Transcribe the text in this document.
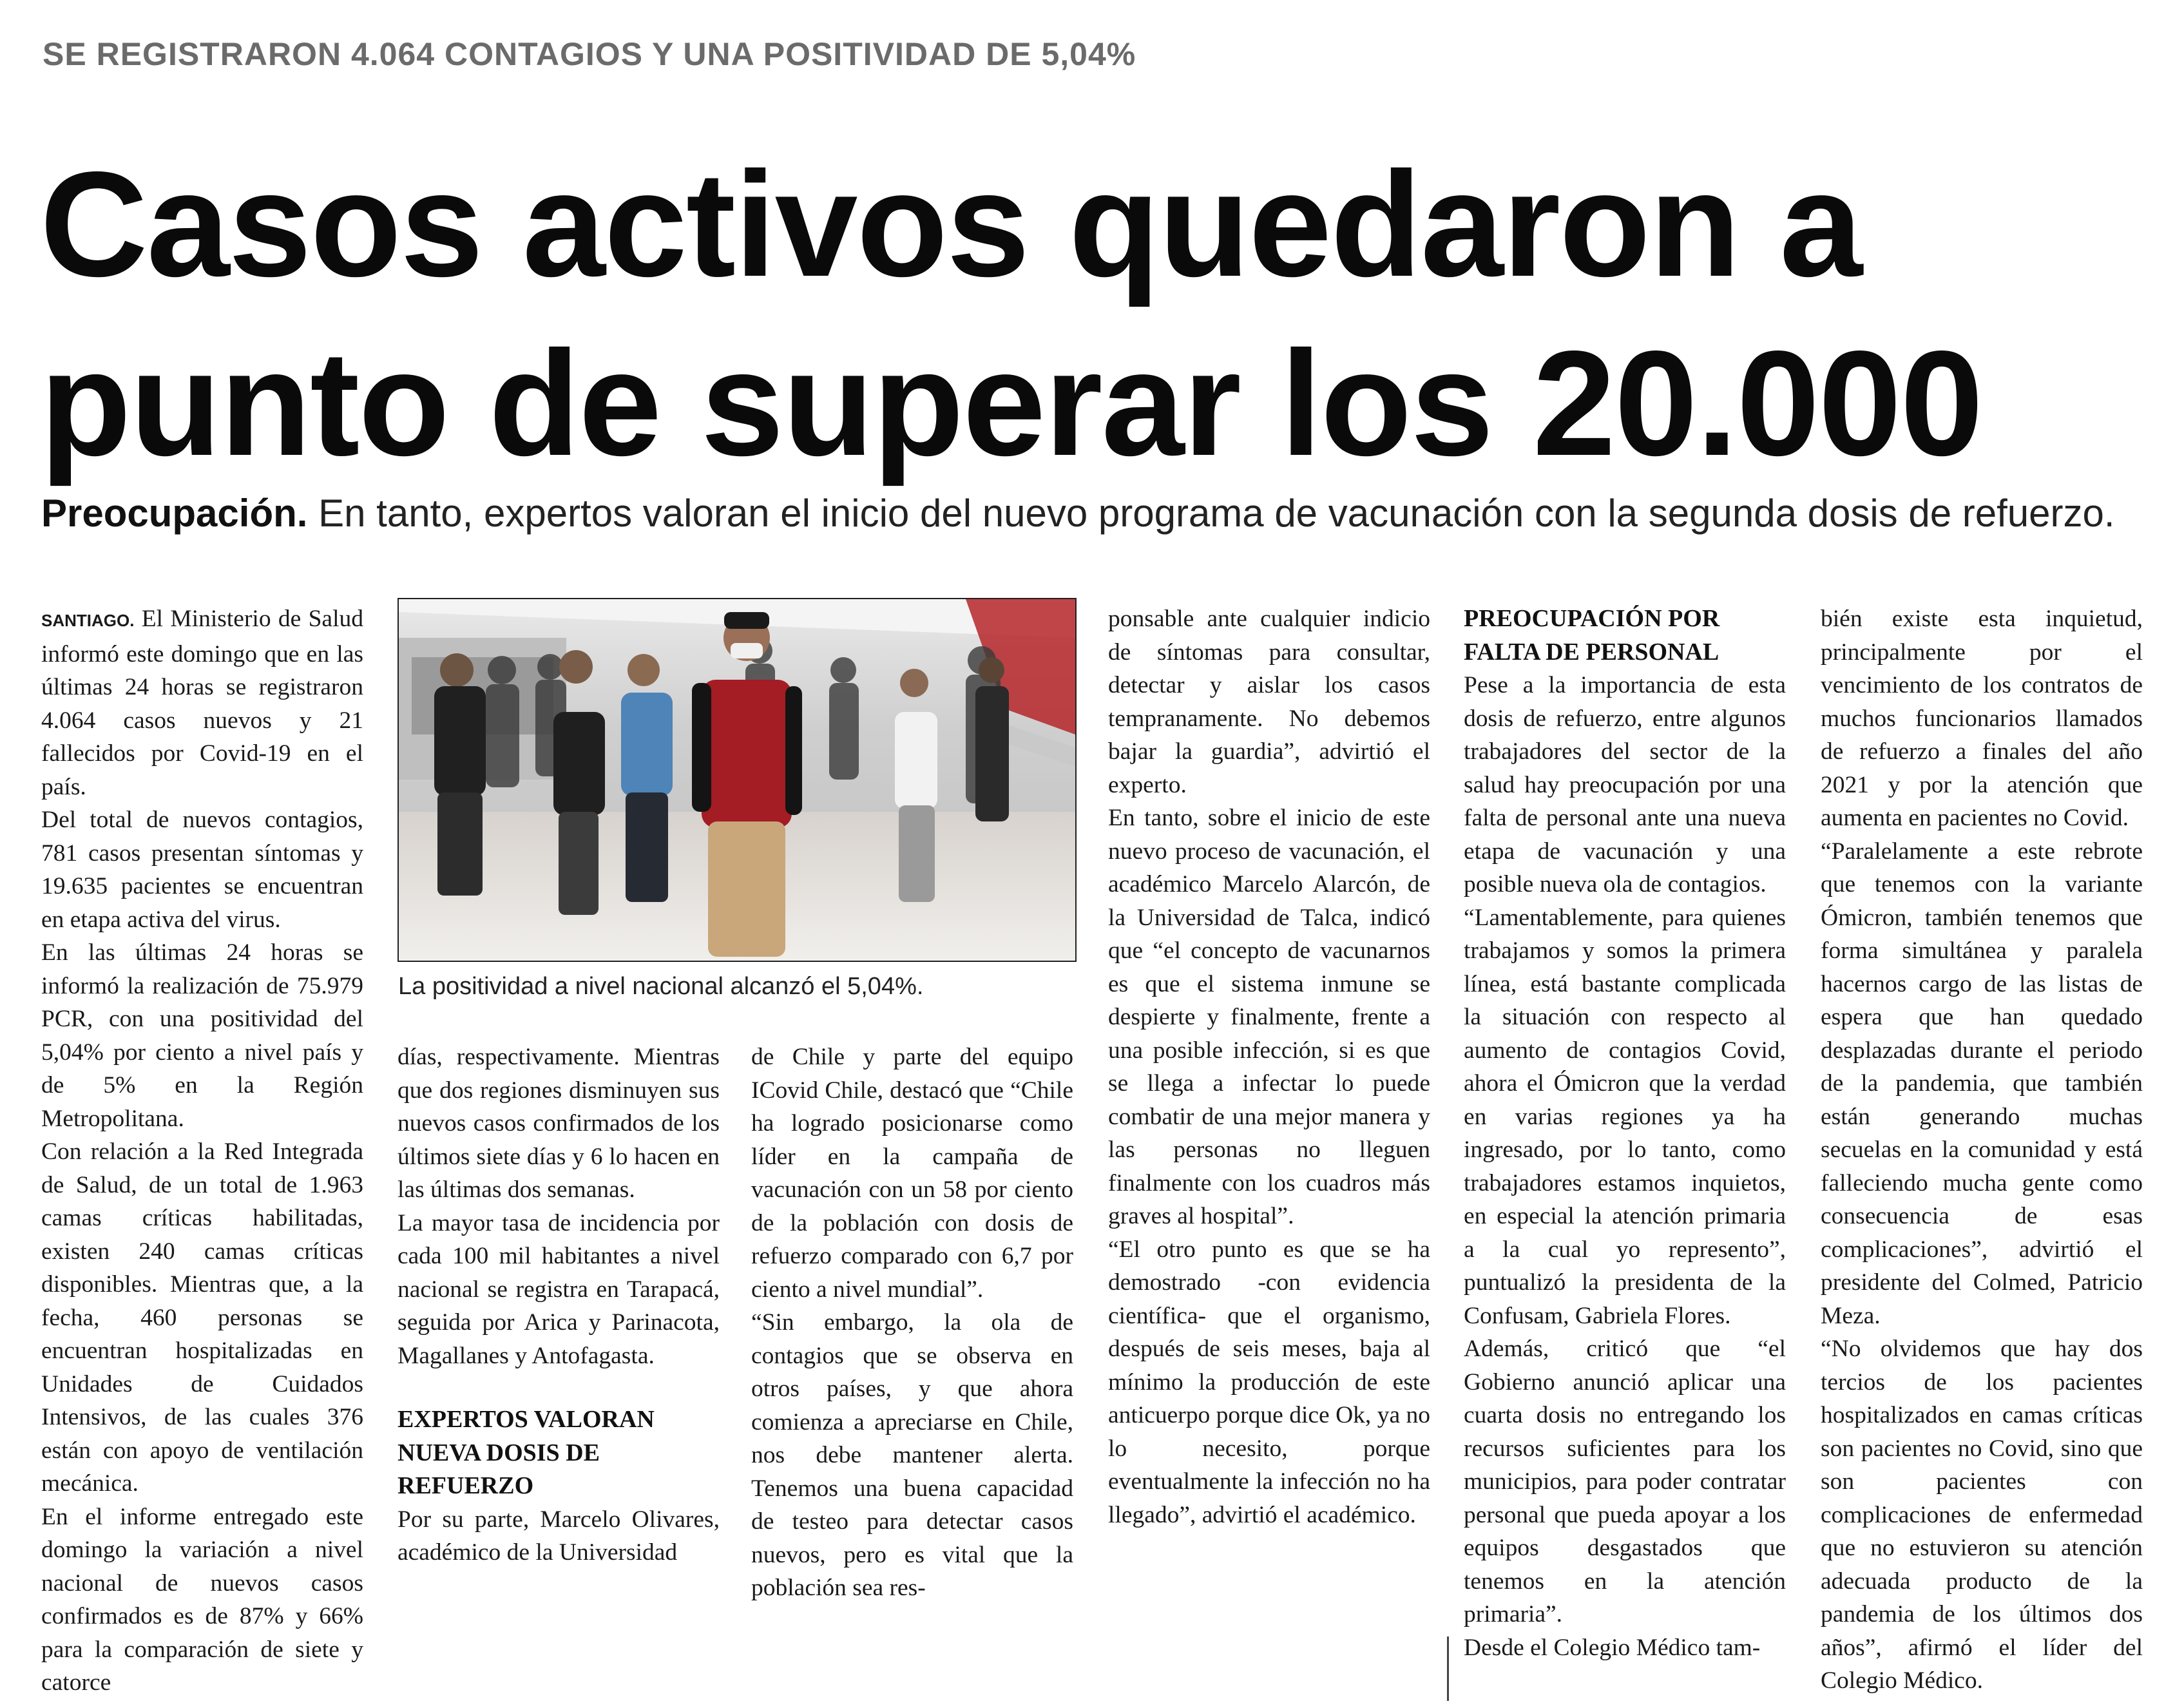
SE REGISTRARON 4.064 CONTAGIOS Y UNA POSITIVIDAD DE 5,04%
Casos activos quedaron a
punto de superar los 20.000
Preocupación. En tanto, expertos valoran el inicio del nuevo programa de vacunación con la segunda dosis de refuerzo.

SANTIAGO. El Ministerio de Salud informó este domingo que en las últimas 24 horas se registraron 4.064 casos nuevos y 21 fallecidos por Covid-19 en el país.

Del total de nuevos contagios, 781 casos presentan síntomas y 19.635 pacientes se encuentran en etapa activa del virus.

En las últimas 24 horas se informó la realización de 75.979 PCR, con una positividad del 5,04% por ciento a nivel país y de 5% en la Región Metropolitana.

Con relación a la Red Integrada de Salud, de un total de 1.963 camas críticas habilitadas, existen 240 camas críticas disponibles. Mientras que, a la fecha, 460 personas se encuentran hospitalizadas en Unidades de Cuidados Intensivos, de las cuales 376 están con apoyo de ventilación mecánica.

En el informe entregado este domingo la variación a nivel nacional de nuevos casos confirmados es de 87% y 66% para la comparación de siete y catorce

La positividad a nivel nacional alcanzó el 5,04%.

días, respectivamente. Mientras que dos regiones disminuyen sus nuevos casos confirmados de los últimos siete días y 6 lo hacen en las últimas dos semanas.

La mayor tasa de incidencia por cada 100 mil habitantes a nivel nacional se registra en Tarapacá, seguida por Arica y Parinacota, Magallanes y Antofagasta.

EXPERTOS VALORAN NUEVA DOSIS DE REFUERZO

Por su parte, Marcelo Olivares, académico de la Universidad

de Chile y parte del equipo ICovid Chile, destacó que “Chile ha logrado posicionarse como líder en la campaña de vacunación con un 58 por ciento de la población con dosis de refuerzo comparado con 6,7 por ciento a nivel mundial”.

“Sin embargo, la ola de contagios que se observa en otros países, y que ahora comienza a apreciarse en Chile, nos debe mantener alerta. Tenemos una buena capacidad de testeo para detectar casos nuevos, pero es vital que la población sea res-

ponsable ante cualquier indicio de síntomas para consultar, detectar y aislar los casos tempranamente. No debemos bajar la guardia”, advirtió el experto.

En tanto, sobre el inicio de este nuevo proceso de vacunación, el académico Marcelo Alarcón, de la Universidad de Talca, indicó que “el concepto de vacunarnos es que el sistema inmune se despierte y finalmente, frente a una posible infección, si es que se llega a infectar lo puede combatir de una mejor manera y las personas no lleguen finalmente con los cuadros más graves al hospital”.

“El otro punto es que se ha demostrado -con evidencia científica- que el organismo, después de seis meses, baja al mínimo la producción de este anticuerpo porque dice Ok, ya no lo necesito, porque eventualmente la infección no ha llegado”, advirtió el académico.

PREOCUPACIÓN POR FALTA DE PERSONAL

Pese a la importancia de esta dosis de refuerzo, entre algunos trabajadores del sector de la salud hay preocupación por una falta de personal ante una nueva etapa de vacunación y una posible nueva ola de contagios.

“Lamentablemente, para quienes trabajamos y somos la primera línea, está bastante complicada la situación con respecto al aumento de contagios Covid, ahora el Ómicron que la verdad en varias regiones ya ha ingresado, por lo tanto, como trabajadores estamos inquietos, en especial la atención primaria a la cual yo represento”, puntualizó la presidenta de la Confusam, Gabriela Flores.

Además, criticó que “el Gobierno anunció aplicar una cuarta dosis no entregando los recursos suficientes para los municipios, para poder contratar personal que pueda apoyar a los equipos desgastados que tenemos en la atención primaria”.

Desde el Colegio Médico tam-

bién existe esta inquietud, principalmente por el vencimiento de los contratos de muchos funcionarios llamados de refuerzo a finales del año 2021 y por la atención que aumenta en pacientes no Covid.

“Paralelamente a este rebrote que tenemos con la variante Ómicron, también tenemos que forma simultánea y paralela hacernos cargo de las listas de espera que han quedado desplazadas durante el periodo de la pandemia, que también están generando muchas secuelas en la comunidad y está falleciendo mucha gente como consecuencia de esas complicaciones”, advirtió el presidente del Colmed, Patricio Meza.

“No olvidemos que hay dos tercios de los pacientes hospitalizados en camas críticas son pacientes no Covid, sino que son pacientes con complicaciones de enfermedad que no estuvieron su atención adecuada producto de la pandemia de los últimos dos años”, afirmó el líder del Colegio Médico.
